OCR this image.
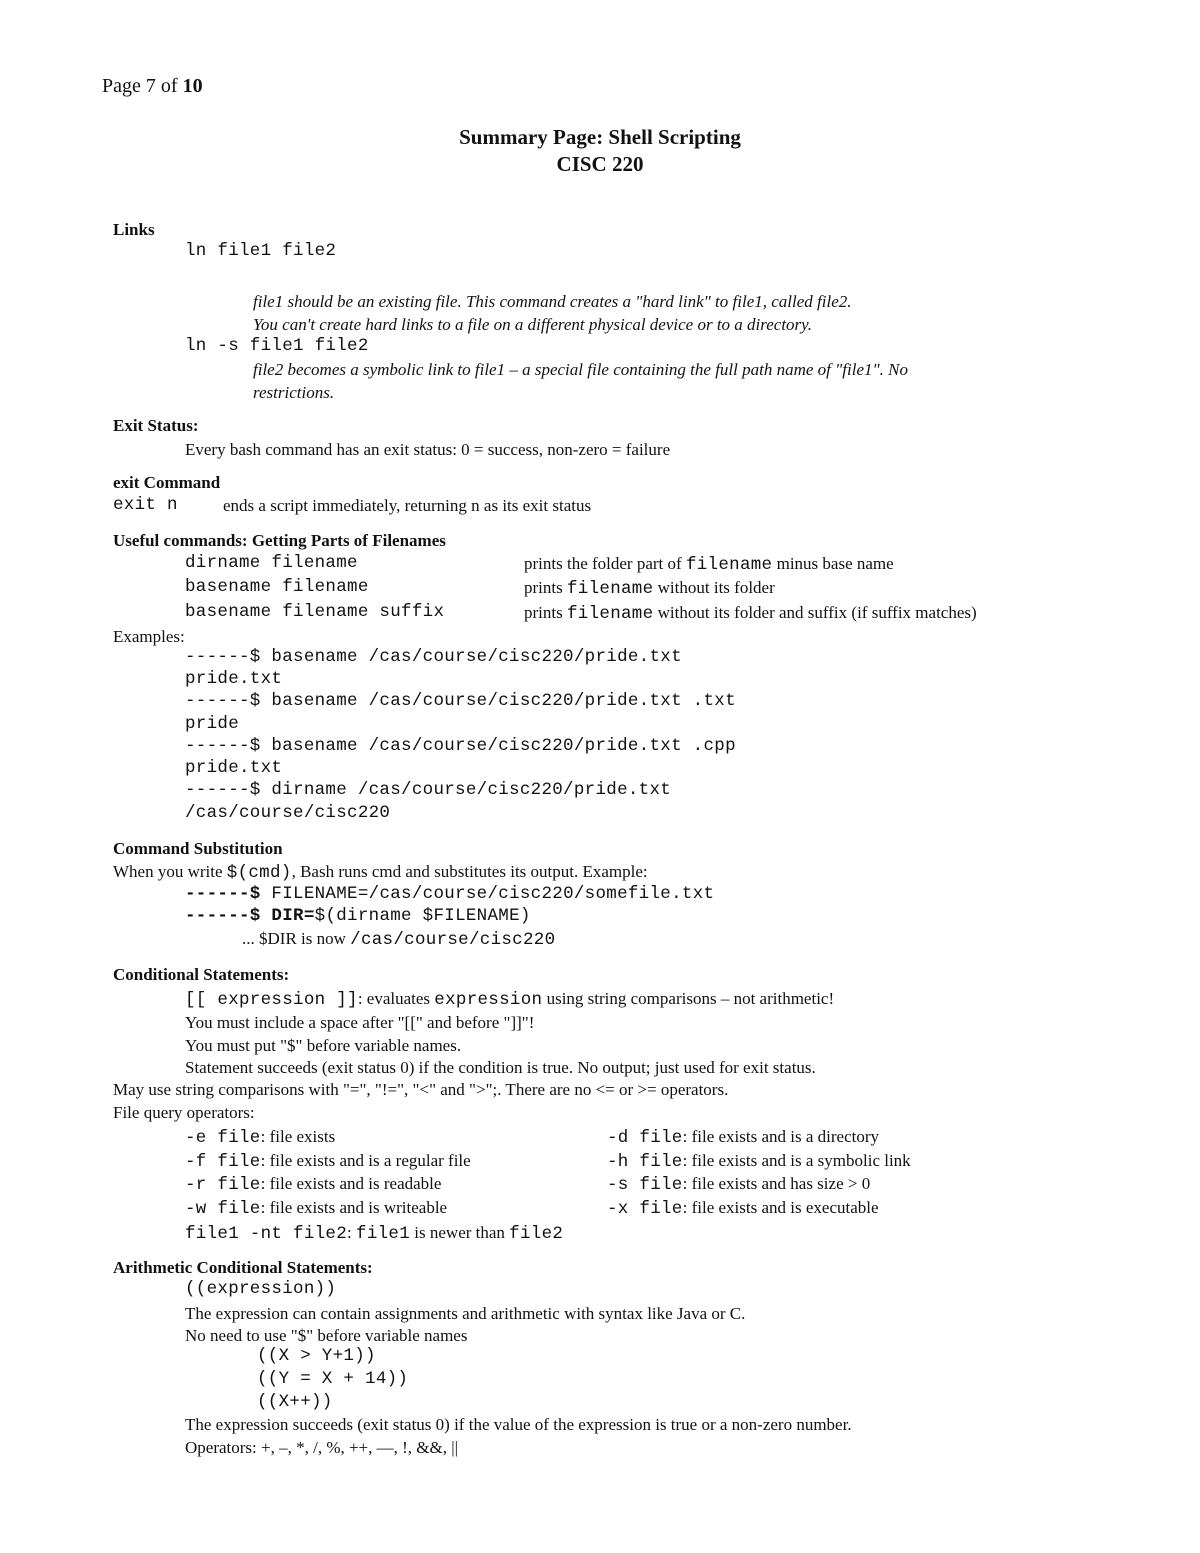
Page 7 of 10
Summary Page: Shell Scripting
CISC 220
Links
ln file1 file2
file1 should be an existing file. This command creates a "hard link" to file1, called file2.
You can't create hard links to a file on a different physical device or to a directory.
ln -s file1 file2
file2 becomes a symbolic link to file1 – a special file containing the full path name of "file1". No
restrictions.
Exit Status:
Every bash command has an exit status: 0 = success, non-zero = failure
exit Command
exit n	ends a script immediately, returning n as its exit status
Useful commands: Getting Parts of Filenames
dirname filename	prints the folder part of filename minus base name
basename filename	prints filename without its folder
basename filename suffix	prints filename without its folder and suffix (if suffix matches)
Examples:
------$ basename /cas/course/cisc220/pride.txt
pride.txt
------$ basename /cas/course/cisc220/pride.txt .txt
pride
------$ basename /cas/course/cisc220/pride.txt .cpp
pride.txt
------$ dirname /cas/course/cisc220/pride.txt
/cas/course/cisc220
Command Substitution
When you write $(cmd), Bash runs cmd and substitutes its output. Example:
------$ FILENAME=/cas/course/cisc220/somefile.txt
------$ DIR=$(dirname $FILENAME)
... $DIR is now /cas/course/cisc220
Conditional Statements:
[[ expression ]]: evaluates expression using string comparisons – not arithmetic!
You must include a space after "[[" and before "]]"!
You must put "$" before variable names.
Statement succeeds (exit status 0) if the condition is true. No output; just used for exit status.
May use string comparisons with "=", "!=", "<" and ">";. There are no <= or >= operators.
File query operators:
-e file: file exists	-d file: file exists and is a directory
-f file: file exists and is a regular file	-h file: file exists and is a symbolic link
-r file: file exists and is readable	-s file: file exists and has size > 0
-w file: file exists and is writeable	-x file: file exists and is executable
file1 -nt file2: file1 is newer than file2
Arithmetic Conditional Statements:
((expression))
The expression can contain assignments and arithmetic with syntax like Java or C.
No need to use "$" before variable names
((X > Y+1))
((Y = X + 14))
((X++))
The expression succeeds (exit status 0) if the value of the expression is true or a non-zero number.
Operators: +, –, *, /, %, ++, ––, !, &&, ||
